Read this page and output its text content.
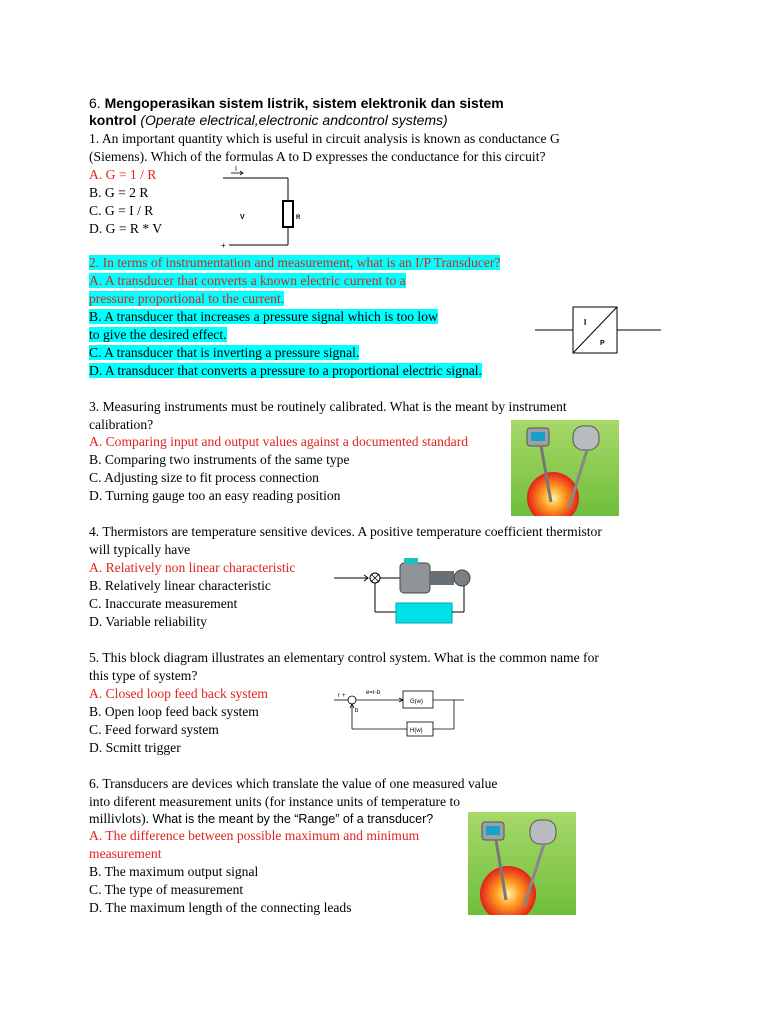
6. Mengoperasikan sistem listrik, sistem elektronik dan sistem
kontrol (Operate electrical,electronic andcontrol systems)
1. An important quantity which is useful in circuit analysis is known as conductance G
(Siemens). Which of the formulas A to D expresses the conductance for this circuit?
A. G = 1 / R
B. G = 2 R
C. G = I / R
D. G = R * V
I
V	R
+
2. In terms of instrumentation and measurement, what is an I/P Transducer?
A. A transducer that converts a known electric current to a
pressure proportional to the current.
B. A transducer that increases a pressure signal which is too low
to give the desired effect.
C. A transducer that is inverting a pressure signal.
D. A transducer that converts a pressure to a proportional electric signal.
I
P
3. Measuring instruments must be routinely calibrated. What is the meant by instrument
calibration?
A. Comparing input and output values against a documented standard
B. Comparing two instruments of the same type
C. Adjusting size to fit process connection
D. Turning gauge too an easy reading position
4. Thermistors are temperature sensitive devices. A positive temperature coefficient thermistor
will typically have
A. Relatively non linear characteristic
B. Relatively linear characteristic
C. Inaccurate measurement
D. Variable reliability
5. This block diagram illustrates an elementary control system. What is the common name for
this type of system?
A. Closed loop feed back system
B. Open loop feed back system
C. Feed forward system
D. Scmitt trigger
r +	e=r-b
G(w)
H(w)
b
6. Transducers are devices which translate the value of one measured value
into diferent measurement units (for instance units of temperature to
millivlots). What is the meant by the “Range” of a transducer?
A. The difference between possible maximum and minimum
measurement
B. The maximum output signal
C. The type of measurement
D. The maximum length of the connecting leads
